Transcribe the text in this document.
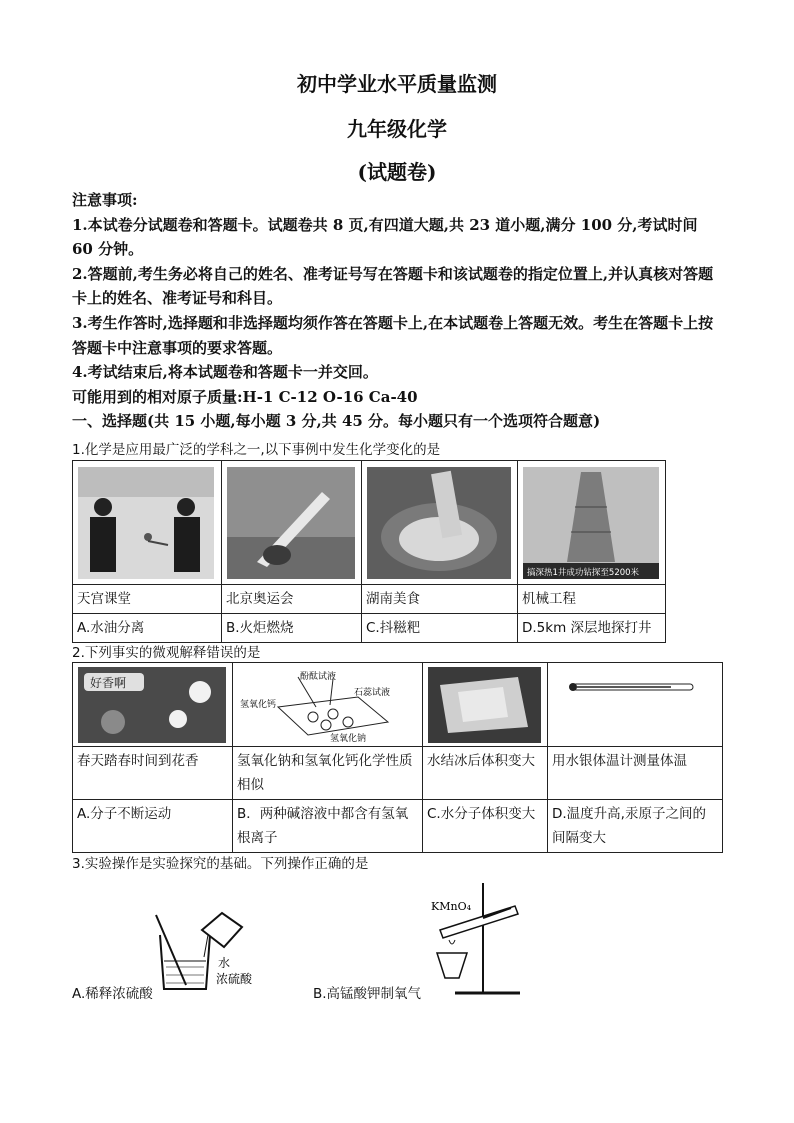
初中学业水平质量监测
九年级化学
(试题卷)

注意事项:

1.本试卷分试题卷和答题卡。试题卷共 8 页,有四道大题,共 23 道小题,满分 100 分,考试时间 60 分钟。

2.答题前,考生务必将自己的姓名、准考证号写在答题卡和该试题卷的指定位置上,并认真核对答题卡上的姓名、准考证号和科目。

3.考生作答时,选择题和非选择题均须作答在答题卡上,在本试题卷上答题无效。考生在答题卡上按答题卡中注意事项的要求答题。

4.考试结束后,将本试题卷和答题卡一并交回。

可能用到的相对原子质量:H-1 C-12 O-16 Ca-40

一、选择题(共 15 小题,每小题 3 分,共 45 分。每小题只有一个选项符合题意)

1.化学是应用最广泛的学科之一,以下事例中发生化学变化的是

搞深热1井成功钻探至5200米

天宫课堂	北京奥运会	湖南美食	机械工程
A.水油分离	B.火炬燃烧	C.抖糍粑	D.5km 深层地探打井
2.下列事实的微观解释错误的是
好香啊	酚酞试液
石蕊试液
氢氧化钙
氢氧化钠

春天踏春时间到花香	氢氧化钠和氢氧化钙化学性质相似	水结冰后体积变大	用水银体温计测量体温
A.分子不断运动	B．两种碱溶液中都含有氢氧根离子	C.水分子体积变大	D.温度升高,汞原子之间的间隔变大
3.实验操作是实验探究的基础。下列操作正确的是
水
浓硫酸
A.稀释浓硫酸
KMnO₄
B.高锰酸钾制氧气
